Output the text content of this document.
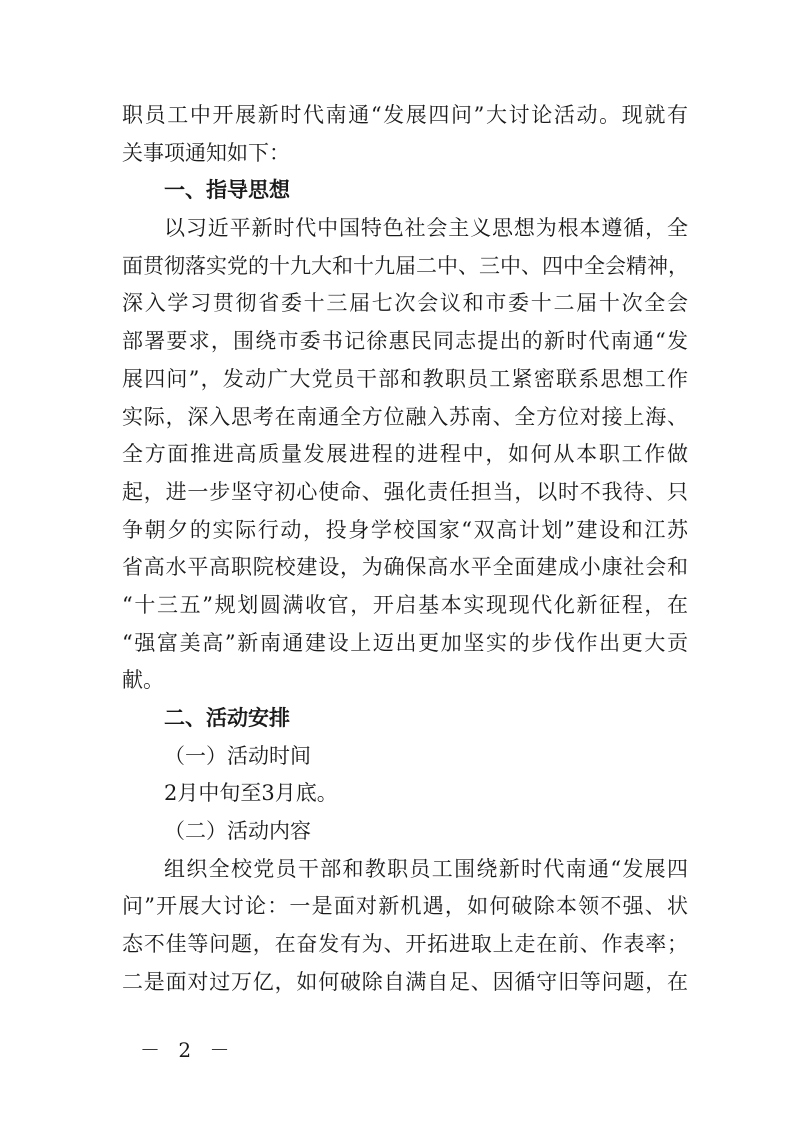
职员工中开展新时代南通“发展四问”大讨论活动。现就有
关事项通知如下：
一、指导思想
以习近平新时代中国特色社会主义思想为根本遵循，全
面贯彻落实党的十九大和十九届二中、三中、四中全会精神，
深入学习贯彻省委十三届七次会议和市委十二届十次全会
部署要求，围绕市委书记徐惠民同志提出的新时代南通“发
展四问”，发动广大党员干部和教职员工紧密联系思想工作
实际，深入思考在南通全方位融入苏南、全方位对接上海、
全方面推进高质量发展进程的进程中，如何从本职工作做
起，进一步坚守初心使命、强化责任担当，以时不我待、只
争朝夕的实际行动，投身学校国家“双高计划”建设和江苏
省高水平高职院校建设，为确保高水平全面建成小康社会和
“十三五”规划圆满收官，开启基本实现现代化新征程，在
“强富美高”新南通建设上迈出更加坚实的步伐作出更大贡
献。
二、活动安排
（一）活动时间
2月中旬至3月底。
（二）活动内容
组织全校党员干部和教职员工围绕新时代南通“发展四
问”开展大讨论：一是面对新机遇，如何破除本领不强、状
态不佳等问题，在奋发有为、开拓进取上走在前、作表率；
二是面对过万亿，如何破除自满自足、因循守旧等问题，在
－ 2 －
